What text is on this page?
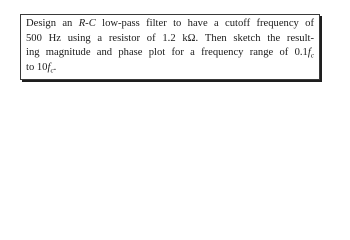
Design an R-C low-pass filter to have a cutoff frequency of
500 Hz using a resistor of 1.2 kΩ. Then sketch the result-
ing magnitude and phase plot for a frequency range of $0.1f_c$
to $10f_c$.
